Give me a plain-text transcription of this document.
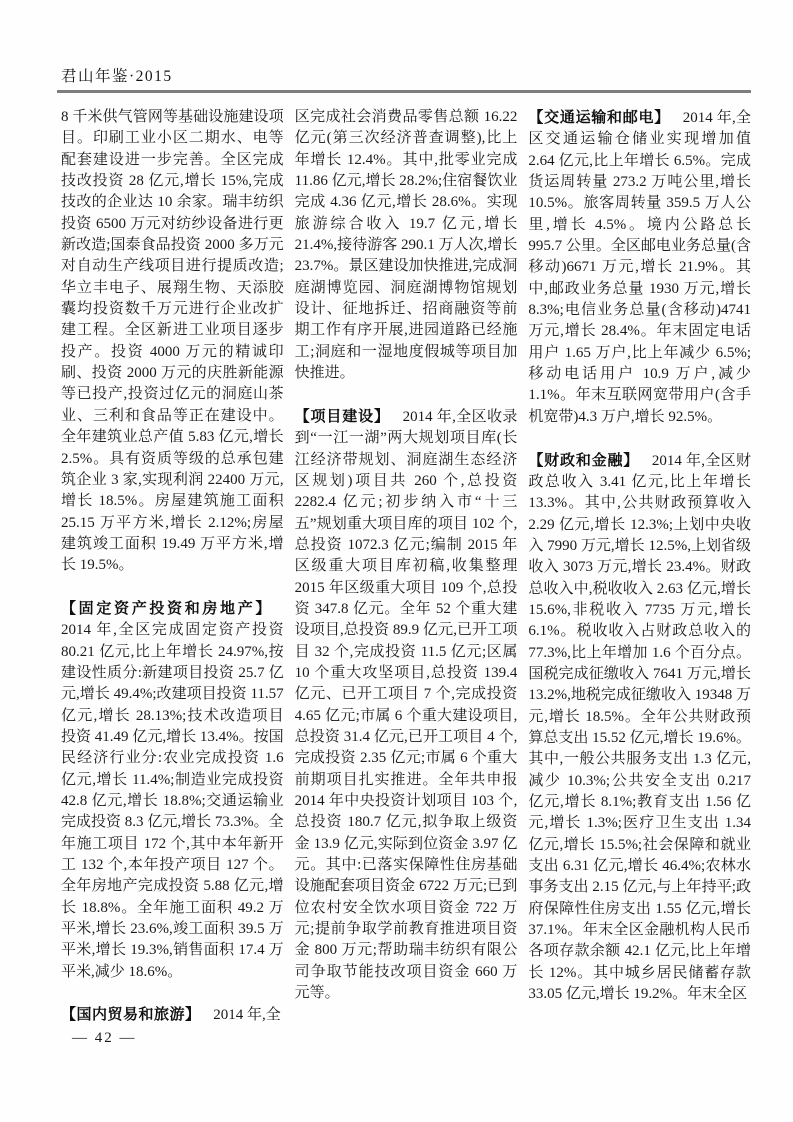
君山年鉴·2015

8 千米供气管网等基础设施建设项目。印刷工业小区二期水、电等配套建设进一步完善。全区完成技改投资 28 亿元,增长 15%,完成技改的企业达 10 余家。瑞丰纺织投资 6500 万元对纺纱设备进行更新改造;国泰食品投资 2000 多万元对自动生产线项目进行提质改造;华立丰电子、展翔生物、天添胶囊均投资数千万元进行企业改扩建工程。全区新进工业项目逐步投产。投资 4000 万元的精诚印刷、投资 2000 万元的庆胜新能源等已投产,投资过亿元的洞庭山茶业、三利和食品等正在建设中。全年建筑业总产值 5.83 亿元,增长 2.5%。具有资质等级的总承包建筑企业 3 家,实现利润 22400 万元,增长 18.5%。房屋建筑施工面积 25.15 万平方米,增长 2.12%;房屋建筑竣工面积 19.49 万平方米,增长 19.5%。

【固定资产投资和房地产】2014 年,全区完成固定资产投资 80.21 亿元,比上年增长 24.97%,按建设性质分:新建项目投资 25.7 亿元,增长 49.4%;改建项目投资 11.57 亿元,增长 28.13%;技术改造项目投资 41.49 亿元,增长 13.4%。按国民经济行业分:农业完成投资 1.6 亿元,增长 11.4%;制造业完成投资 42.8 亿元,增长 18.8%;交通运输业完成投资 8.3 亿元,增长 73.3%。全年施工项目 172 个,其中本年新开工 132 个,本年投产项目 127 个。全年房地产完成投资 5.88 亿元,增长 18.8%。全年施工面积 49.2 万平米,增长 23.6%,竣工面积 39.5 万平米,增长 19.3%,销售面积 17.4 万平米,减少 18.6%。

【国内贸易和旅游】 2014 年,全

区完成社会消费品零售总额 16.22 亿元(第三次经济普查调整),比上年增长 12.4%。其中,批零业完成 11.86 亿元,增长 28.2%;住宿餐饮业完成 4.36 亿元,增长 28.6%。实现旅游综合收入 19.7 亿元,增长 21.4%,接待游客 290.1 万人次,增长 23.7%。景区建设加快推进,完成洞庭湖博览园、洞庭湖博物馆规划设计、征地拆迁、招商融资等前期工作有序开展,进园道路已经施工;洞庭和一湿地度假城等项目加快推进。

【项目建设】 2014 年,全区收录到“一江一湖”两大规划项目库(长江经济带规划、洞庭湖生态经济区规划)项目共 260 个,总投资 2282.4 亿元;初步纳入市“十三五”规划重大项目库的项目 102 个,总投资 1072.3 亿元;编制 2015 年区级重大项目库初稿,收集整理 2015 年区级重大项目 109 个,总投资 347.8 亿元。全年 52 个重大建设项目,总投资 89.9 亿元,已开工项目 32 个,完成投资 11.5 亿元;区属 10 个重大攻坚项目,总投资 139.4 亿元、已开工项目 7 个,完成投资 4.65 亿元;市属 6 个重大建设项目,总投资 31.4 亿元,已开工项目 4 个,完成投资 2.35 亿元;市属 6 个重大前期项目扎实推进。全年共申报 2014 年中央投资计划项目 103 个,总投资 180.7 亿元,拟争取上级资金 13.9 亿元,实际到位资金 3.97 亿元。其中:已落实保障性住房基础设施配套项目资金 6722 万元;已到位农村安全饮水项目资金 722 万元;提前争取学前教育推进项目资金 800 万元;帮助瑞丰纺织有限公司争取节能技改项目资金 660 万元等。

【交通运输和邮电】 2014 年,全区交通运输仓储业实现增加值 2.64 亿元,比上年增长 6.5%。完成货运周转量 273.2 万吨公里,增长 10.5%。旅客周转量 359.5 万人公里,增长 4.5%。境内公路总长 995.7 公里。全区邮电业务总量(含移动)6671 万元,增长 21.9%。其中,邮政业务总量 1930 万元,增长 8.3%;电信业务总量(含移动)4741 万元,增长 28.4%。年末固定电话用户 1.65 万户,比上年减少 6.5%;移动电话用户 10.9 万户,减少 1.1%。年末互联网宽带用户(含手机宽带)4.3 万户,增长 92.5%。

【财政和金融】 2014 年,全区财政总收入 3.41 亿元,比上年增长 13.3%。其中,公共财政预算收入 2.29 亿元,增长 12.3%;上划中央收入 7990 万元,增长 12.5%,上划省级收入 3073 万元,增长 23.4%。财政总收入中,税收收入 2.63 亿元,增长 15.6%,非税收入 7735 万元,增长 6.1%。税收收入占财政总收入的 77.3%,比上年增加 1.6 个百分点。国税完成征缴收入 7641 万元,增长 13.2%,地税完成征缴收入 19348 万元,增长 18.5%。全年公共财政预算总支出 15.52 亿元,增长 19.6%。其中,一般公共服务支出 1.3 亿元,减少 10.3%;公共安全支出 0.217 亿元,增长 8.1%;教育支出 1.56 亿元,增长 1.3%;医疗卫生支出 1.34 亿元,增长 15.5%;社会保障和就业支出 6.31 亿元,增长 46.4%;农林水事务支出 2.15 亿元,与上年持平;政府保障性住房支出 1.55 亿元,增长 37.1%。年末全区金融机构人民币各项存款余额 42.1 亿元,比上年增长 12%。其中城乡居民储蓄存款 33.05 亿元,增长 19.2%。年末全区

— 42 —
